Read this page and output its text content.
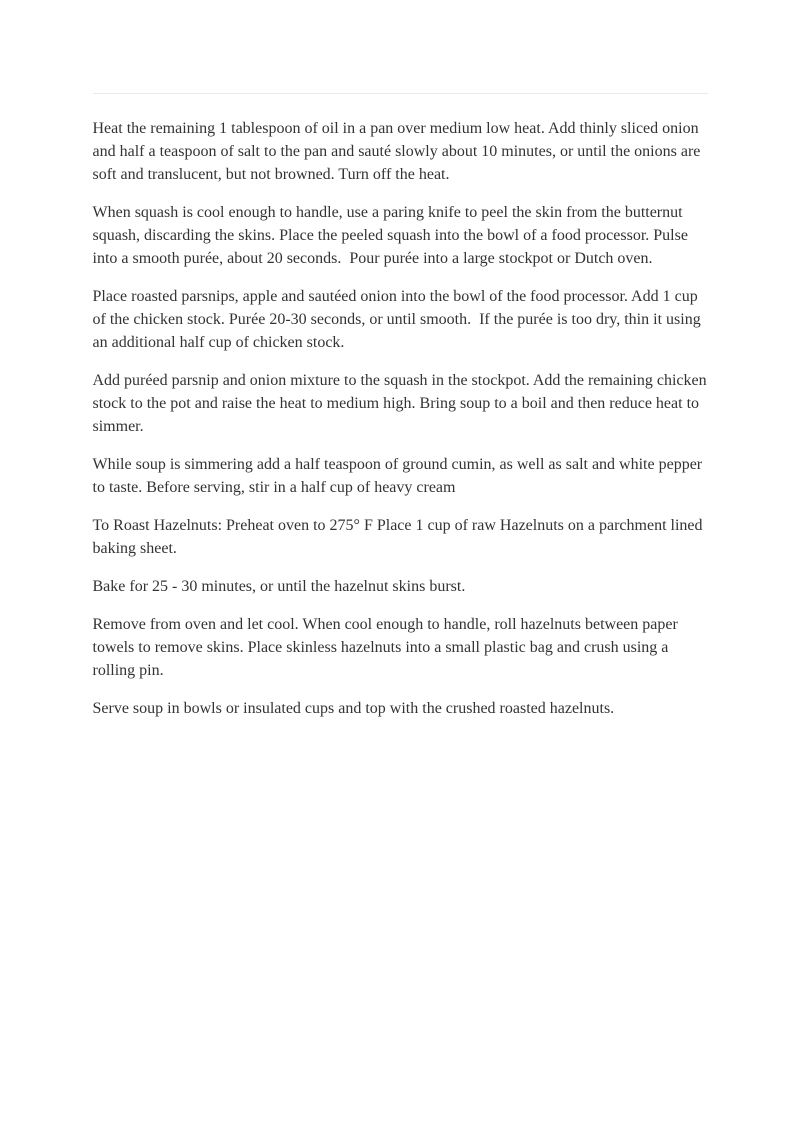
Heat the remaining 1 tablespoon of oil in a pan over medium low heat. Add thinly sliced onion and half a teaspoon of salt to the pan and sauté slowly about 10 minutes, or until the onions are soft and translucent, but not browned. Turn off the heat.

When squash is cool enough to handle, use a paring knife to peel the skin from the butternut squash, discarding the skins. Place the peeled squash into the bowl of a food processor. Pulse into a smooth purée, about 20 seconds.  Pour purée into a large stockpot or Dutch oven.

Place roasted parsnips, apple and sautéed onion into the bowl of the food processor. Add 1 cup of the chicken stock. Purée 20-30 seconds, or until smooth.  If the purée is too dry, thin it using an additional half cup of chicken stock.

Add puréed parsnip and onion mixture to the squash in the stockpot. Add the remaining chicken stock to the pot and raise the heat to medium high. Bring soup to a boil and then reduce heat to simmer.

While soup is simmering add a half teaspoon of ground cumin, as well as salt and white pepper to taste. Before serving, stir in a half cup of heavy cream

To Roast Hazelnuts: Preheat oven to 275° F Place 1 cup of raw Hazelnuts on a parchment lined baking sheet.

Bake for 25 - 30 minutes, or until the hazelnut skins burst.

Remove from oven and let cool. When cool enough to handle, roll hazelnuts between paper towels to remove skins. Place skinless hazelnuts into a small plastic bag and crush using a rolling pin.

Serve soup in bowls or insulated cups and top with the crushed roasted hazelnuts.
